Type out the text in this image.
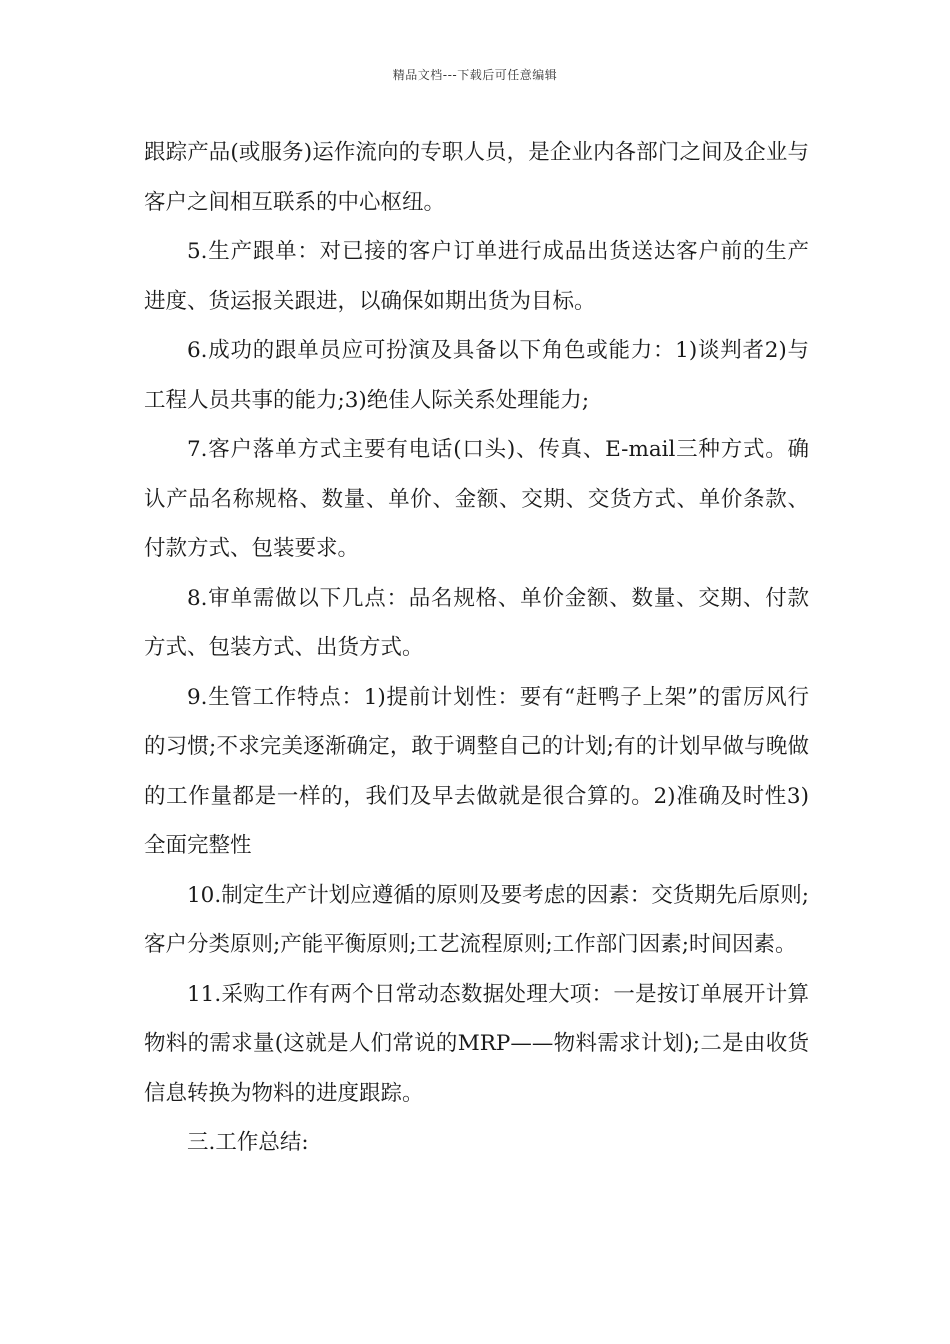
精品文档---下载后可任意编辑

跟踪产品(或服务)运作流向的专职人员，是企业内各部门之间及企业与客户之间相互联系的中心枢纽。

5.生产跟单：对已接的客户订单进行成品出货送达客户前的生产进度、货运报关跟进，以确保如期出货为目标。

6.成功的跟单员应可扮演及具备以下角色或能力：1)谈判者2)与工程人员共事的能力;3)绝佳人际关系处理能力;

7.客户落单方式主要有电话(口头)、传真、E-mail三种方式。确认产品名称规格、数量、单价、金额、交期、交货方式、单价条款、付款方式、包装要求。

8.审单需做以下几点：品名规格、单价金额、数量、交期、付款方式、包装方式、出货方式。

9.生管工作特点：1)提前计划性：要有“赶鸭子上架”的雷厉风行的习惯;不求完美逐渐确定，敢于调整自己的计划;有的计划早做与晚做的工作量都是一样的，我们及早去做就是很合算的。2)准确及时性3)全面完整性

10.制定生产计划应遵循的原则及要考虑的因素：交货期先后原则;客户分类原则;产能平衡原则;工艺流程原则;工作部门因素;时间因素。

11.采购工作有两个日常动态数据处理大项：一是按订单展开计算物料的需求量(这就是人们常说的MRP——物料需求计划);二是由收货信息转换为物料的进度跟踪。

三.工作总结:
